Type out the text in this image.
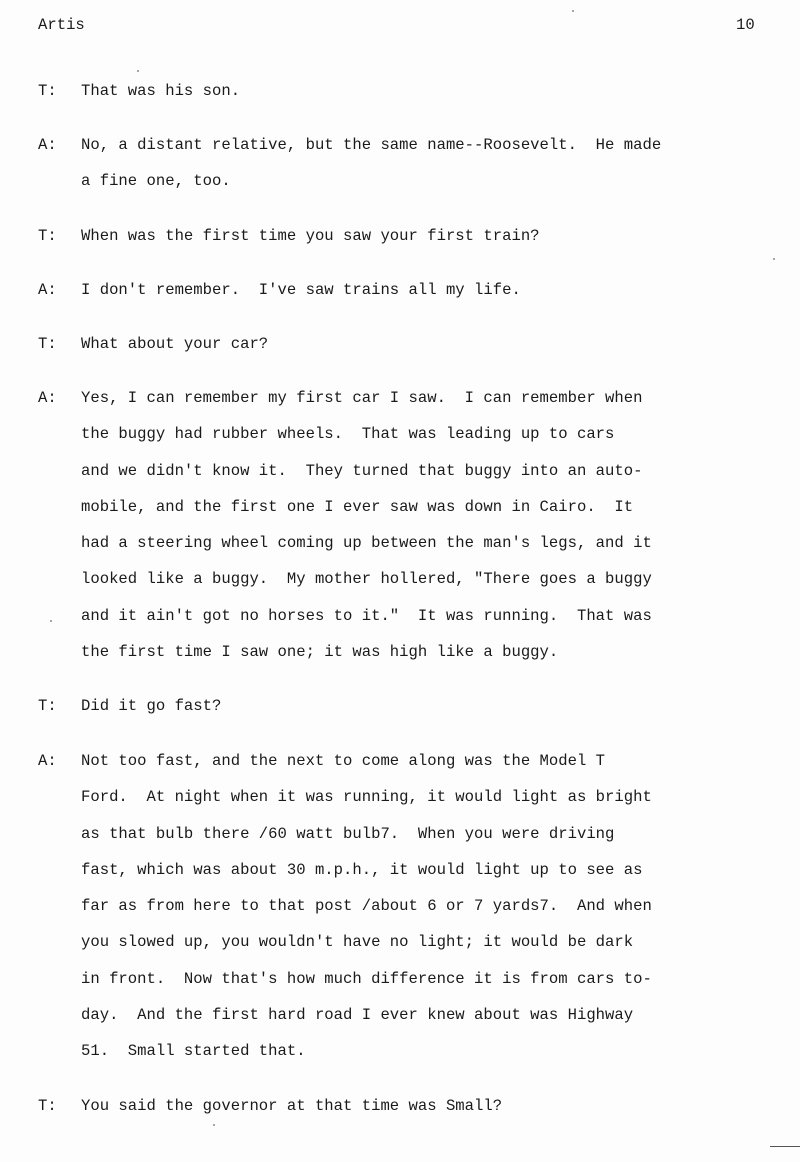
Artis	10
T:	That was his son.
A:	No, a distant relative, but the same name--Roosevelt.  He made
a fine one, too.
T:	When was the first time you saw your first train?
A:	I don't remember.  I've saw trains all my life.
T:	What about your car?
A:	Yes, I can remember my first car I saw.  I can remember when
the buggy had rubber wheels.  That was leading up to cars
and we didn't know it.  They turned that buggy into an auto-
mobile, and the first one I ever saw was down in Cairo.  It
had a steering wheel coming up between the man's legs, and it
looked like a buggy.  My mother hollered, "There goes a buggy
and it ain't got no horses to it."  It was running.  That was
the first time I saw one; it was high like a buggy.
T:	Did it go fast?
A:	Not too fast, and the next to come along was the Model T
Ford.  At night when it was running, it would light as bright
as that bulb there /60 watt bulb7.  When you were driving
fast, which was about 30 m.p.h., it would light up to see as
far as from here to that post /about 6 or 7 yards7.  And when
you slowed up, you wouldn't have no light; it would be dark
in front.  Now that's how much difference it is from cars to-
day.  And the first hard road I ever knew about was Highway
51.  Small started that.
T:	You said the governor at that time was Small?
